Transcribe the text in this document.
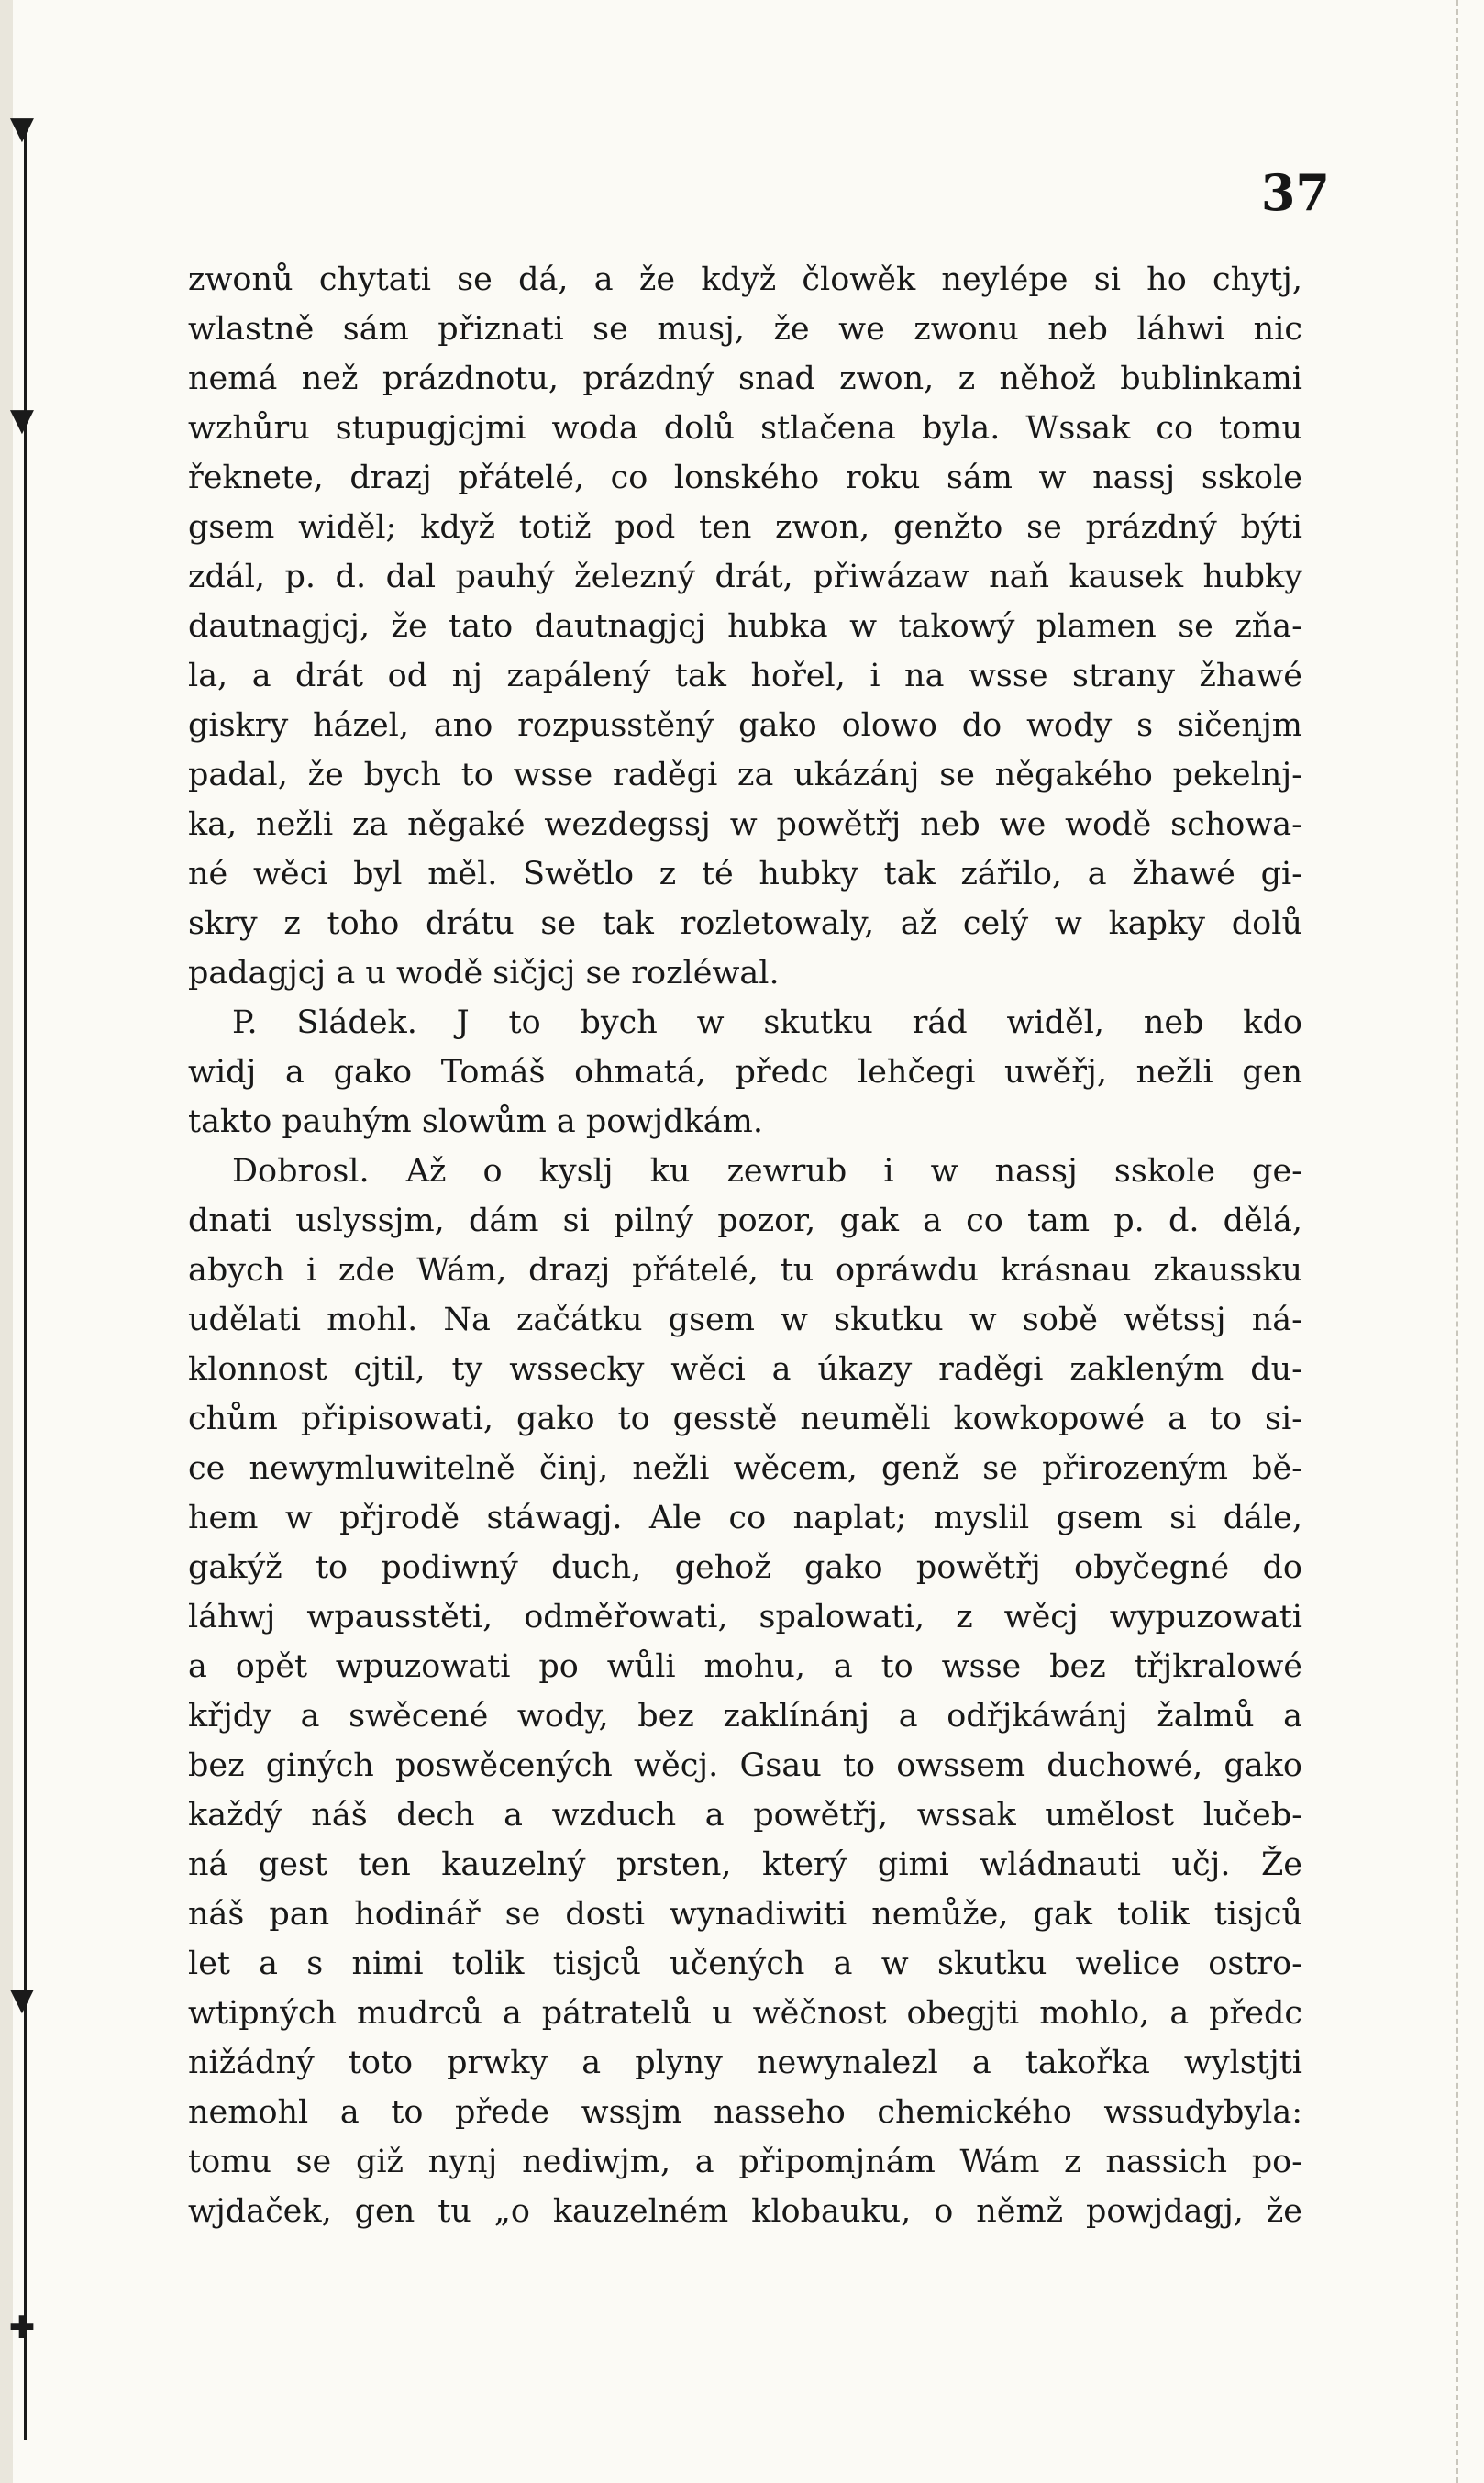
▼
▼
▼
✚
37
zwonů chytati se dá, a že když člowěk neylépe si ho chytj,
wlastně sám přiznati se musj, že we zwonu neb láhwi nic
nemá než prázdnotu, prázdný snad zwon, z něhož bublinkami
wzhůru stupugjcjmi woda dolů stlačena byla. Wssak co tomu
řeknete, drazj přátelé, co lonského roku sám w nassj sskole
gsem widěl; když totiž pod ten zwon, genžto se prázdný býti
zdál, p. d. dal pauhý železný drát, přiwázaw naň kausek hubky
dautnagjcj, že tato dautnagjcj hubka w takowý plamen se zňa-
la, a drát od nj zapálený tak hořel, i na wsse strany žhawé
giskry házel, ano rozpusstěný gako olowo do wody s sičenjm
padal, že bych to wsse raděgi za ukázánj se něgakého pekelnj-
ka, nežli za něgaké wezdegssj w powětřj neb we wodě schowa-
né wěci byl měl. Swětlo z té hubky tak zářilo, a žhawé gi-
skry z toho drátu se tak rozletowaly, až celý w kapky dolů
padagjcj a u wodě sičjcj se rozléwal.
P. Sládek. J to bych w skutku rád widěl, neb kdo
widj a gako Tomáš ohmatá, předc lehčegi uwěřj, nežli gen
takto pauhým slowům a powjdkám.
Dobrosl. Až o kyslj ku zewrub i w nassj sskole ge-
dnati uslyssjm, dám si pilný pozor, gak a co tam p. d. dělá,
abych i zde Wám, drazj přátelé, tu opráwdu krásnau zkaussku
udělati mohl. Na začátku gsem w skutku w sobě wětssj ná-
klonnost cjtil, ty wssecky wěci a úkazy raděgi zakleným du-
chům připisowati, gako to gesstě neuměli kowkopowé a to si-
ce newymluwitelně činj, nežli wěcem, genž se přirozeným bě-
hem w přjrodě stáwagj. Ale co naplat; myslil gsem si dále,
gakýž to podiwný duch, gehož gako powětřj obyčegné do
láhwj wpausstěti, odměřowati, spalowati, z wěcj wypuzowati
a opět wpuzowati po wůli mohu, a to wsse bez třjkralowé
křjdy a swěcené wody, bez zaklínánj a odřjkáwánj žalmů a
bez giných poswěcených wěcj. Gsau to owssem duchowé, gako
každý náš dech a wzduch a powětřj, wssak umělost lučeb-
ná gest ten kauzelný prsten, který gimi wládnauti učj. Že
náš pan hodinář se dosti wynadiwiti nemůže, gak tolik tisjců
let a s nimi tolik tisjců učených a w skutku welice ostro-
wtipných mudrců a pátratelů u wěčnost obegjti mohlo, a předc
nižádný toto prwky a plyny newynalezl a takořka wylstjti
nemohl a to přede wssjm nasseho chemického wssudybyla:
tomu se giž nynj nediwjm, a připomjnám Wám z nassich po-
wjdaček, gen tu „o kauzelném klobauku, o němž powjdagj, že
